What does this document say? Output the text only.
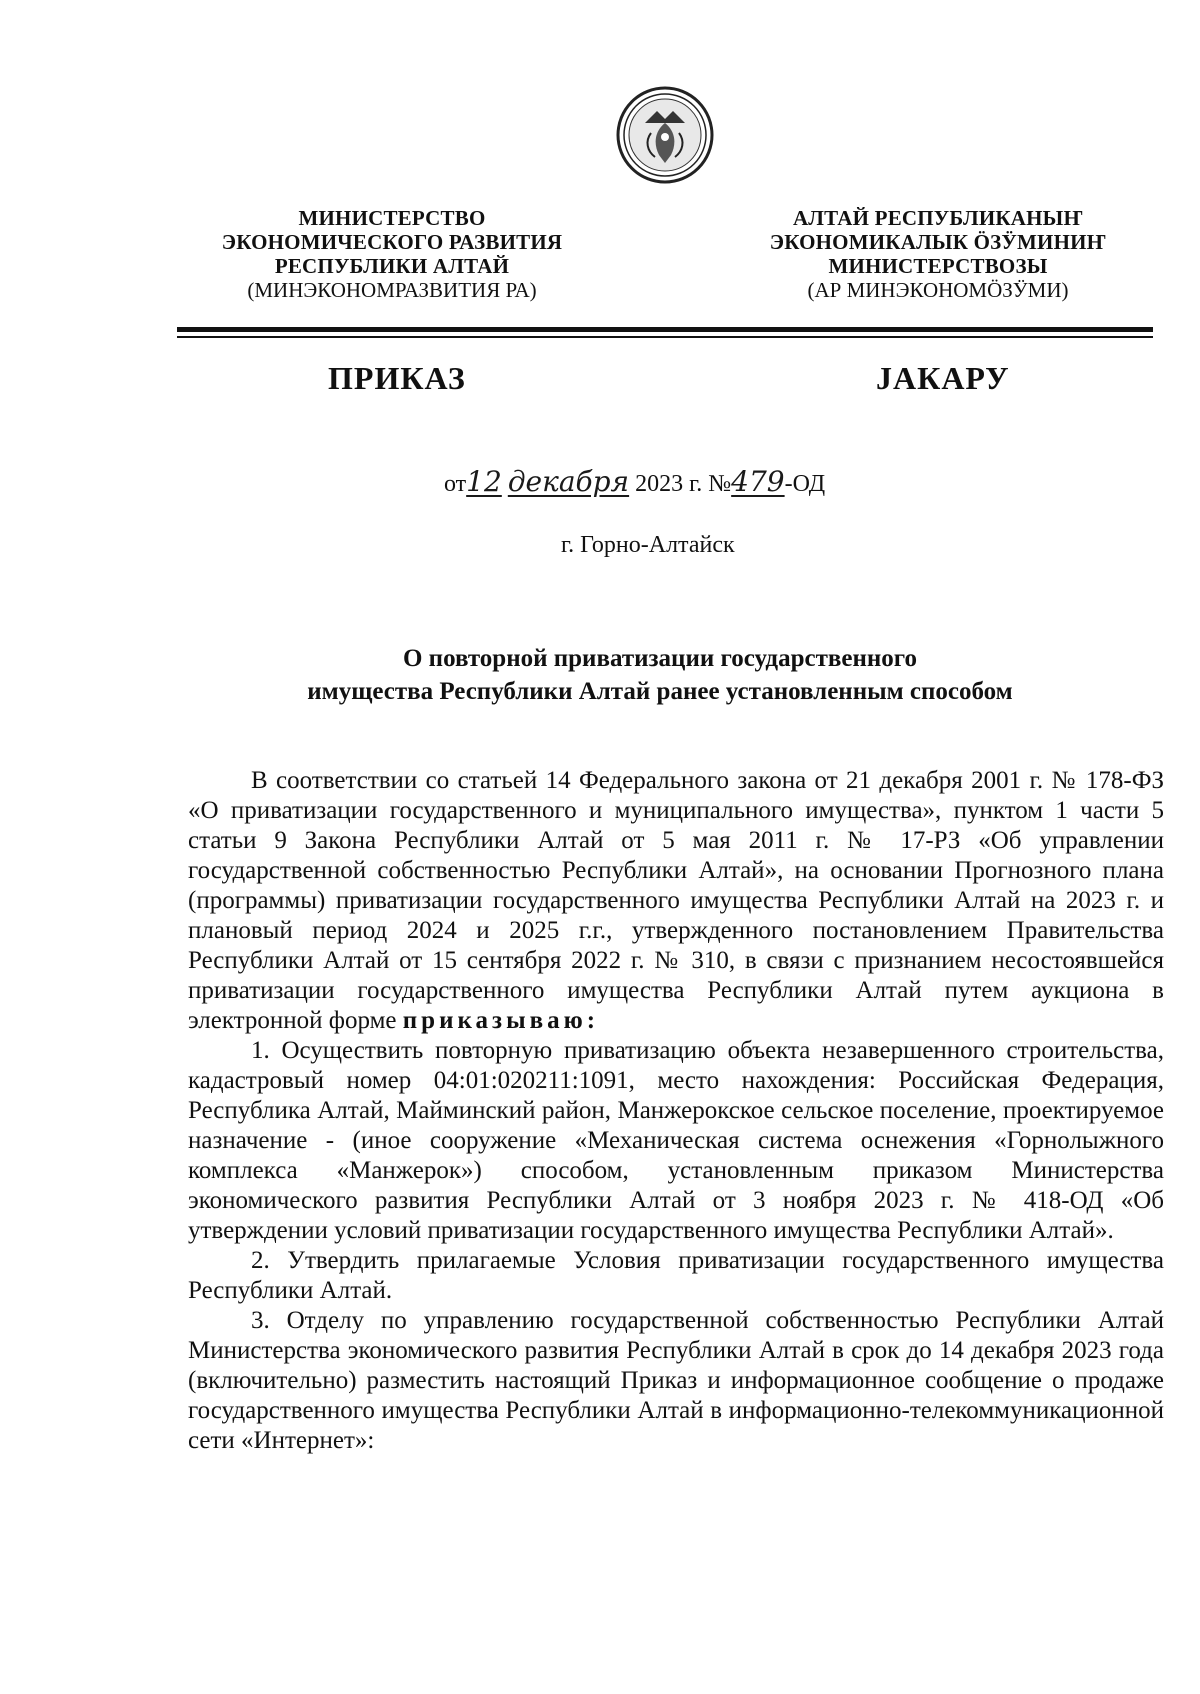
МИНИСТЕРСТВО
ЭКОНОМИЧЕСКОГО РАЗВИТИЯ
РЕСПУБЛИКИ АЛТАЙ
(МИНЭКОНОМРАЗВИТИЯ РА)
АЛТАЙ РЕСПУБЛИКАНЫҤ
ЭКОНОМИКАЛЫК ӦЗӰМИНИҤ
МИНИСТЕРСТВОЗЫ
(АР МИНЭКОНОМӦЗӰМИ)
ПРИКАЗ	ЈАКАРУ
от12 декабря 2023 г. №479-ОД
г. Горно-Алтайск
О повторной приватизации государственного
имущества Республики Алтай ранее установленным способом

В соответствии со статьей 14 Федерального закона от 21 декабря 2001 г. № 178-ФЗ «О приватизации государственного и муниципального имущества», пунктом 1 части 5 статьи 9 Закона Республики Алтай от 5 мая 2011 г. № 17-РЗ «Об управлении государственной собственностью Республики Алтай», на основании Прогнозного плана (программы) приватизации государственного имущества Республики Алтай на 2023 г. и плановый период 2024 и 2025 г.г., утвержденного постановлением Правительства Республики Алтай от 15 сентября 2022 г. № 310, в связи с признанием несостоявшейся приватизации государственного имущества Республики Алтай путем аукциона в электронной форме приказываю:

1. Осуществить повторную приватизацию объекта незавершенного строительства, кадастровый номер 04:01:020211:1091, место нахождения: Российская Федерация, Республика Алтай, Майминский район, Манжерокское сельское поселение, проектируемое назначение - (иное сооружение «Механическая система оснежения «Горнолыжного комплекса «Манжерок») способом, установленным приказом Министерства экономического развития Республики Алтай от 3 ноября 2023 г. № 418-ОД «Об утверждении условий приватизации государственного имущества Республики Алтай».

2. Утвердить прилагаемые Условия приватизации государственного имущества Республики Алтай.

3. Отделу по управлению государственной собственностью Республики Алтай Министерства экономического развития Республики Алтай в срок до 14 декабря 2023 года (включительно) разместить настоящий Приказ и информационное сообщение о продаже государственного имущества Республики Алтай в информационно-телекоммуникационной сети «Интернет»:
